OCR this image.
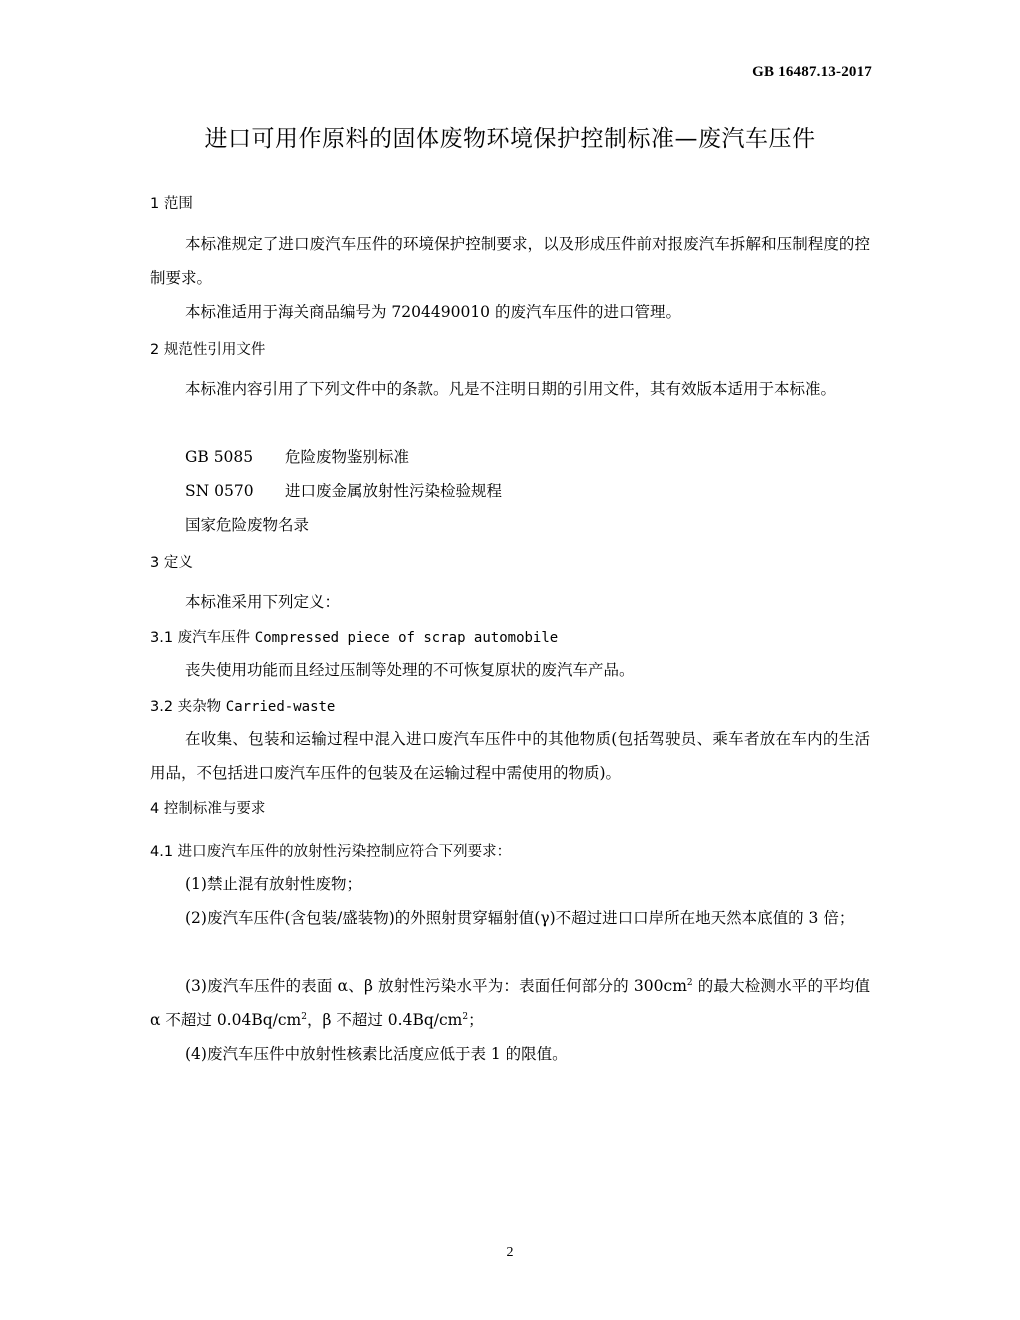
GB 16487.13-2017
进口可用作原料的固体废物环境保护控制标准—废汽车压件
1 范围
本标准规定了进口废汽车压件的环境保护控制要求，以及形成压件前对报废汽车拆解和压制程度的控制要求。
本标准适用于海关商品编号为 7204490010 的废汽车压件的进口管理。
2 规范性引用文件
本标准内容引用了下列文件中的条款。凡是不注明日期的引用文件，其有效版本适用于本标准。
GB 5085 危险废物鉴别标准
SN 0570 进口废金属放射性污染检验规程
国家危险废物名录
3 定义
本标准采用下列定义：
3.1 废汽车压件 Compressed piece of scrap automobile
丧失使用功能而且经过压制等处理的不可恢复原状的废汽车产品。
3.2 夹杂物 Carried-waste
在收集、包装和运输过程中混入进口废汽车压件中的其他物质(包括驾驶员、乘车者放在车内的生活用品，不包括进口废汽车压件的包装及在运输过程中需使用的物质)。
4 控制标准与要求
4.1 进口废汽车压件的放射性污染控制应符合下列要求：
(1)禁止混有放射性废物；
(2)废汽车压件(含包装/盛装物)的外照射贯穿辐射值(γ)不超过进口口岸所在地天然本底值的 3 倍；
(3)废汽车压件的表面 α、β 放射性污染水平为：表面任何部分的 $300cm^2$ 的最大检测水平的平均值 α 不超过 $0.04Bq/cm^2$，β 不超过 $0.4Bq/cm^2$；
(4)废汽车压件中放射性核素比活度应低于表 1 的限值。
2
